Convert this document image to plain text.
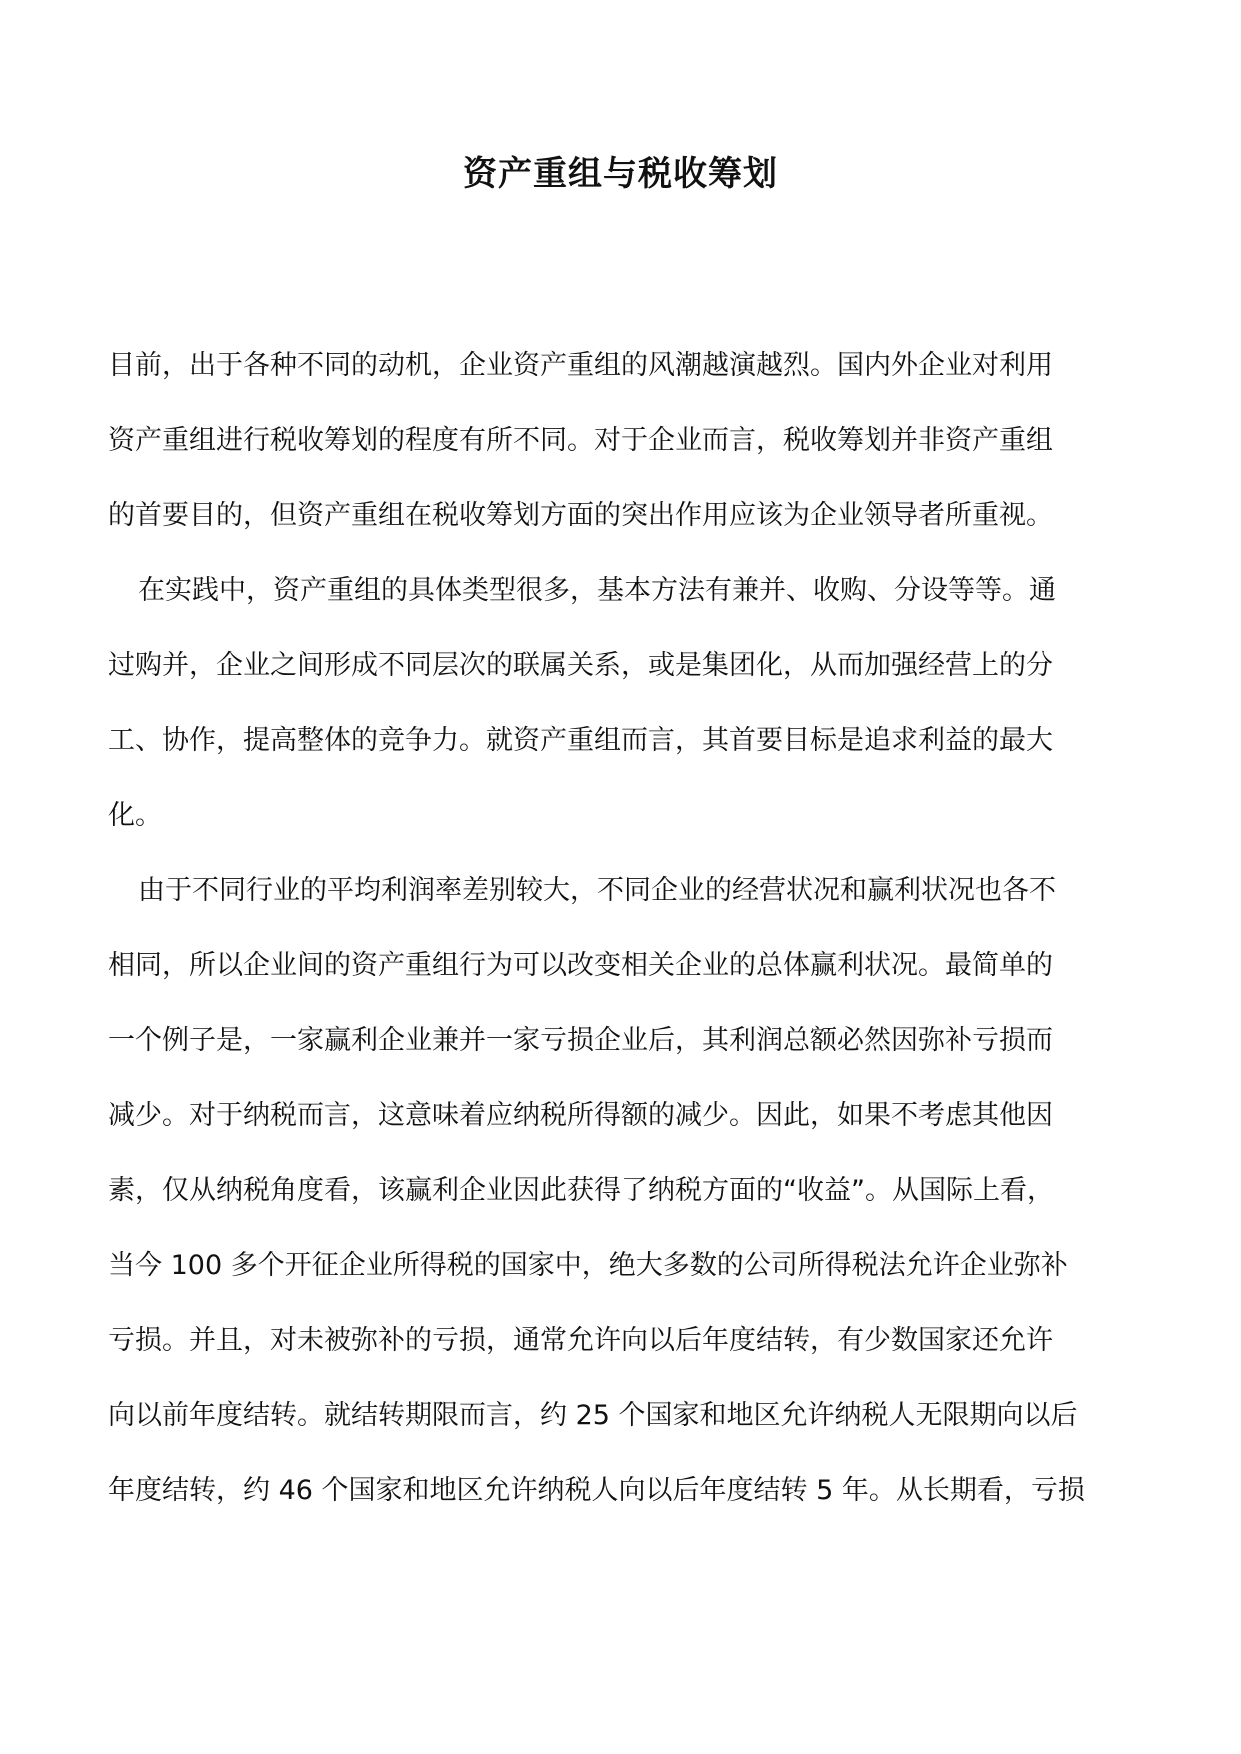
资产重组与税收筹划
目前，出于各种不同的动机，企业资产重组的风潮越演越烈。国内外企业对利用
资产重组进行税收筹划的程度有所不同。对于企业而言，税收筹划并非资产重组
的首要目的，但资产重组在税收筹划方面的突出作用应该为企业领导者所重视。
在实践中，资产重组的具体类型很多，基本方法有兼并、收购、分设等等。通
过购并，企业之间形成不同层次的联属关系，或是集团化，从而加强经营上的分
工、协作，提高整体的竞争力。就资产重组而言，其首要目标是追求利益的最大
化。
由于不同行业的平均利润率差别较大，不同企业的经营状况和赢利状况也各不
相同，所以企业间的资产重组行为可以改变相关企业的总体赢利状况。最简单的
一个例子是，一家赢利企业兼并一家亏损企业后，其利润总额必然因弥补亏损而
减少。对于纳税而言，这意味着应纳税所得额的减少。因此，如果不考虑其他因
素，仅从纳税角度看，该赢利企业因此获得了纳税方面的“收益”。从国际上看，
当今 100 多个开征企业所得税的国家中，绝大多数的公司所得税法允许企业弥补
亏损。并且，对未被弥补的亏损，通常允许向以后年度结转，有少数国家还允许
向以前年度结转。就结转期限而言，约 25 个国家和地区允许纳税人无限期向以后
年度结转，约 46 个国家和地区允许纳税人向以后年度结转 5 年。从长期看，亏损
